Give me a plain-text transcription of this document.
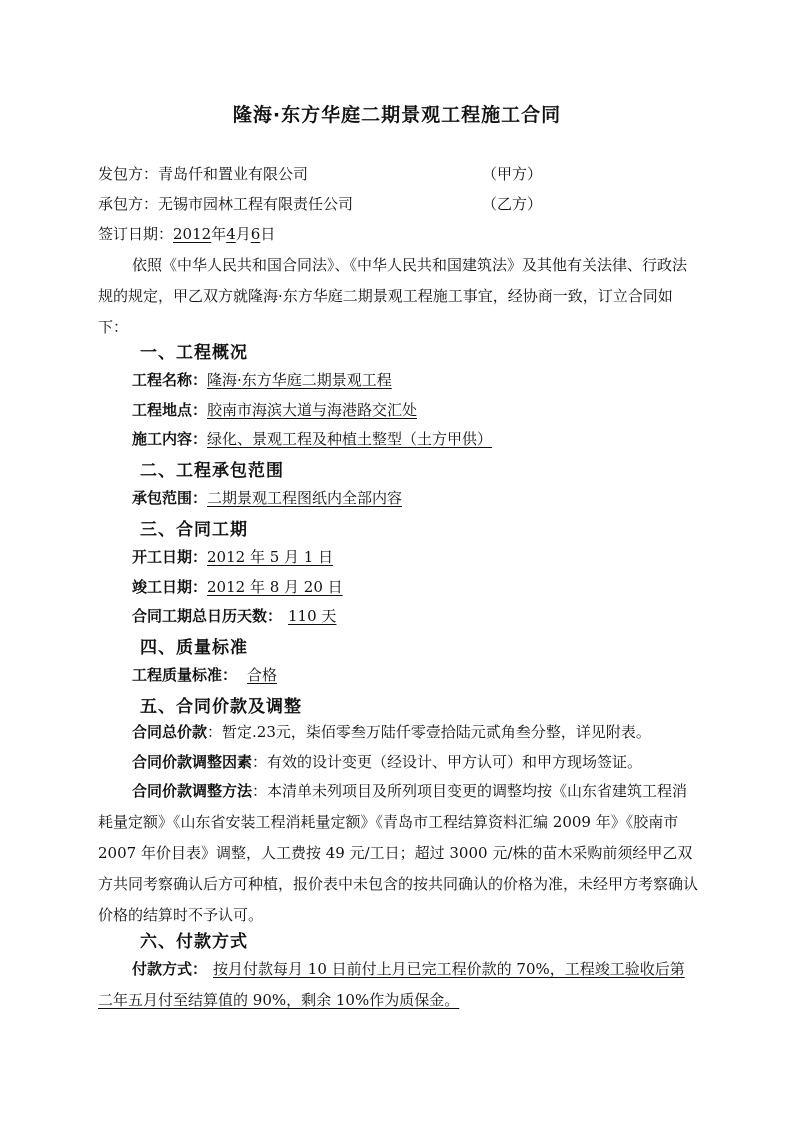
隆海·东方华庭二期景观工程施工合同
发包方：青岛仟和置业有限公司	（甲方）
承包方：无锡市园林工程有限责任公司	（乙方）
签订日期：2012年4月6日
依照《中华人民共和国合同法》、《中华人民共和国建筑法》及其他有关法律、行政法规的规定，甲乙双方就隆海·东方华庭二期景观工程施工事宜，经协商一致，订立合同如下：
一、工程概况
工程名称：隆海·东方华庭二期景观工程
工程地点：胶南市海滨大道与海港路交汇处
施工内容：绿化、景观工程及种植土整型（土方甲供）
二、工程承包范围
承包范围：二期景观工程图纸内全部内容
三、合同工期
开工日期：2012 年 5 月 1 日
竣工日期：2012 年 8 月 20 日
合同工期总日历天数： 110 天
四、质量标准
工程质量标准： 合格
五、合同价款及调整
合同总价款：暂定.23元，柒佰零叁万陆仟零壹拾陆元贰角叁分整，详见附表。
合同价款调整因素：有效的设计变更（经设计、甲方认可）和甲方现场签证。
合同价款调整方法：本清单未列项目及所列项目变更的调整均按《山东省建筑工程消耗量定额》《山东省安装工程消耗量定额》《青岛市工程结算资料汇编 2009 年》《胶南市 2007 年价目表》调整，人工费按 49 元/工日；超过 3000 元/株的苗木采购前须经甲乙双方共同考察确认后方可种植，报价表中未包含的按共同确认的价格为准，未经甲方考察确认价格的结算时不予认可。
六、付款方式
付款方式： 按月付款每月 10 日前付上月已完工程价款的 70%，工程竣工验收后第二年五月付至结算值的 90%，剩余 10%作为质保金。
